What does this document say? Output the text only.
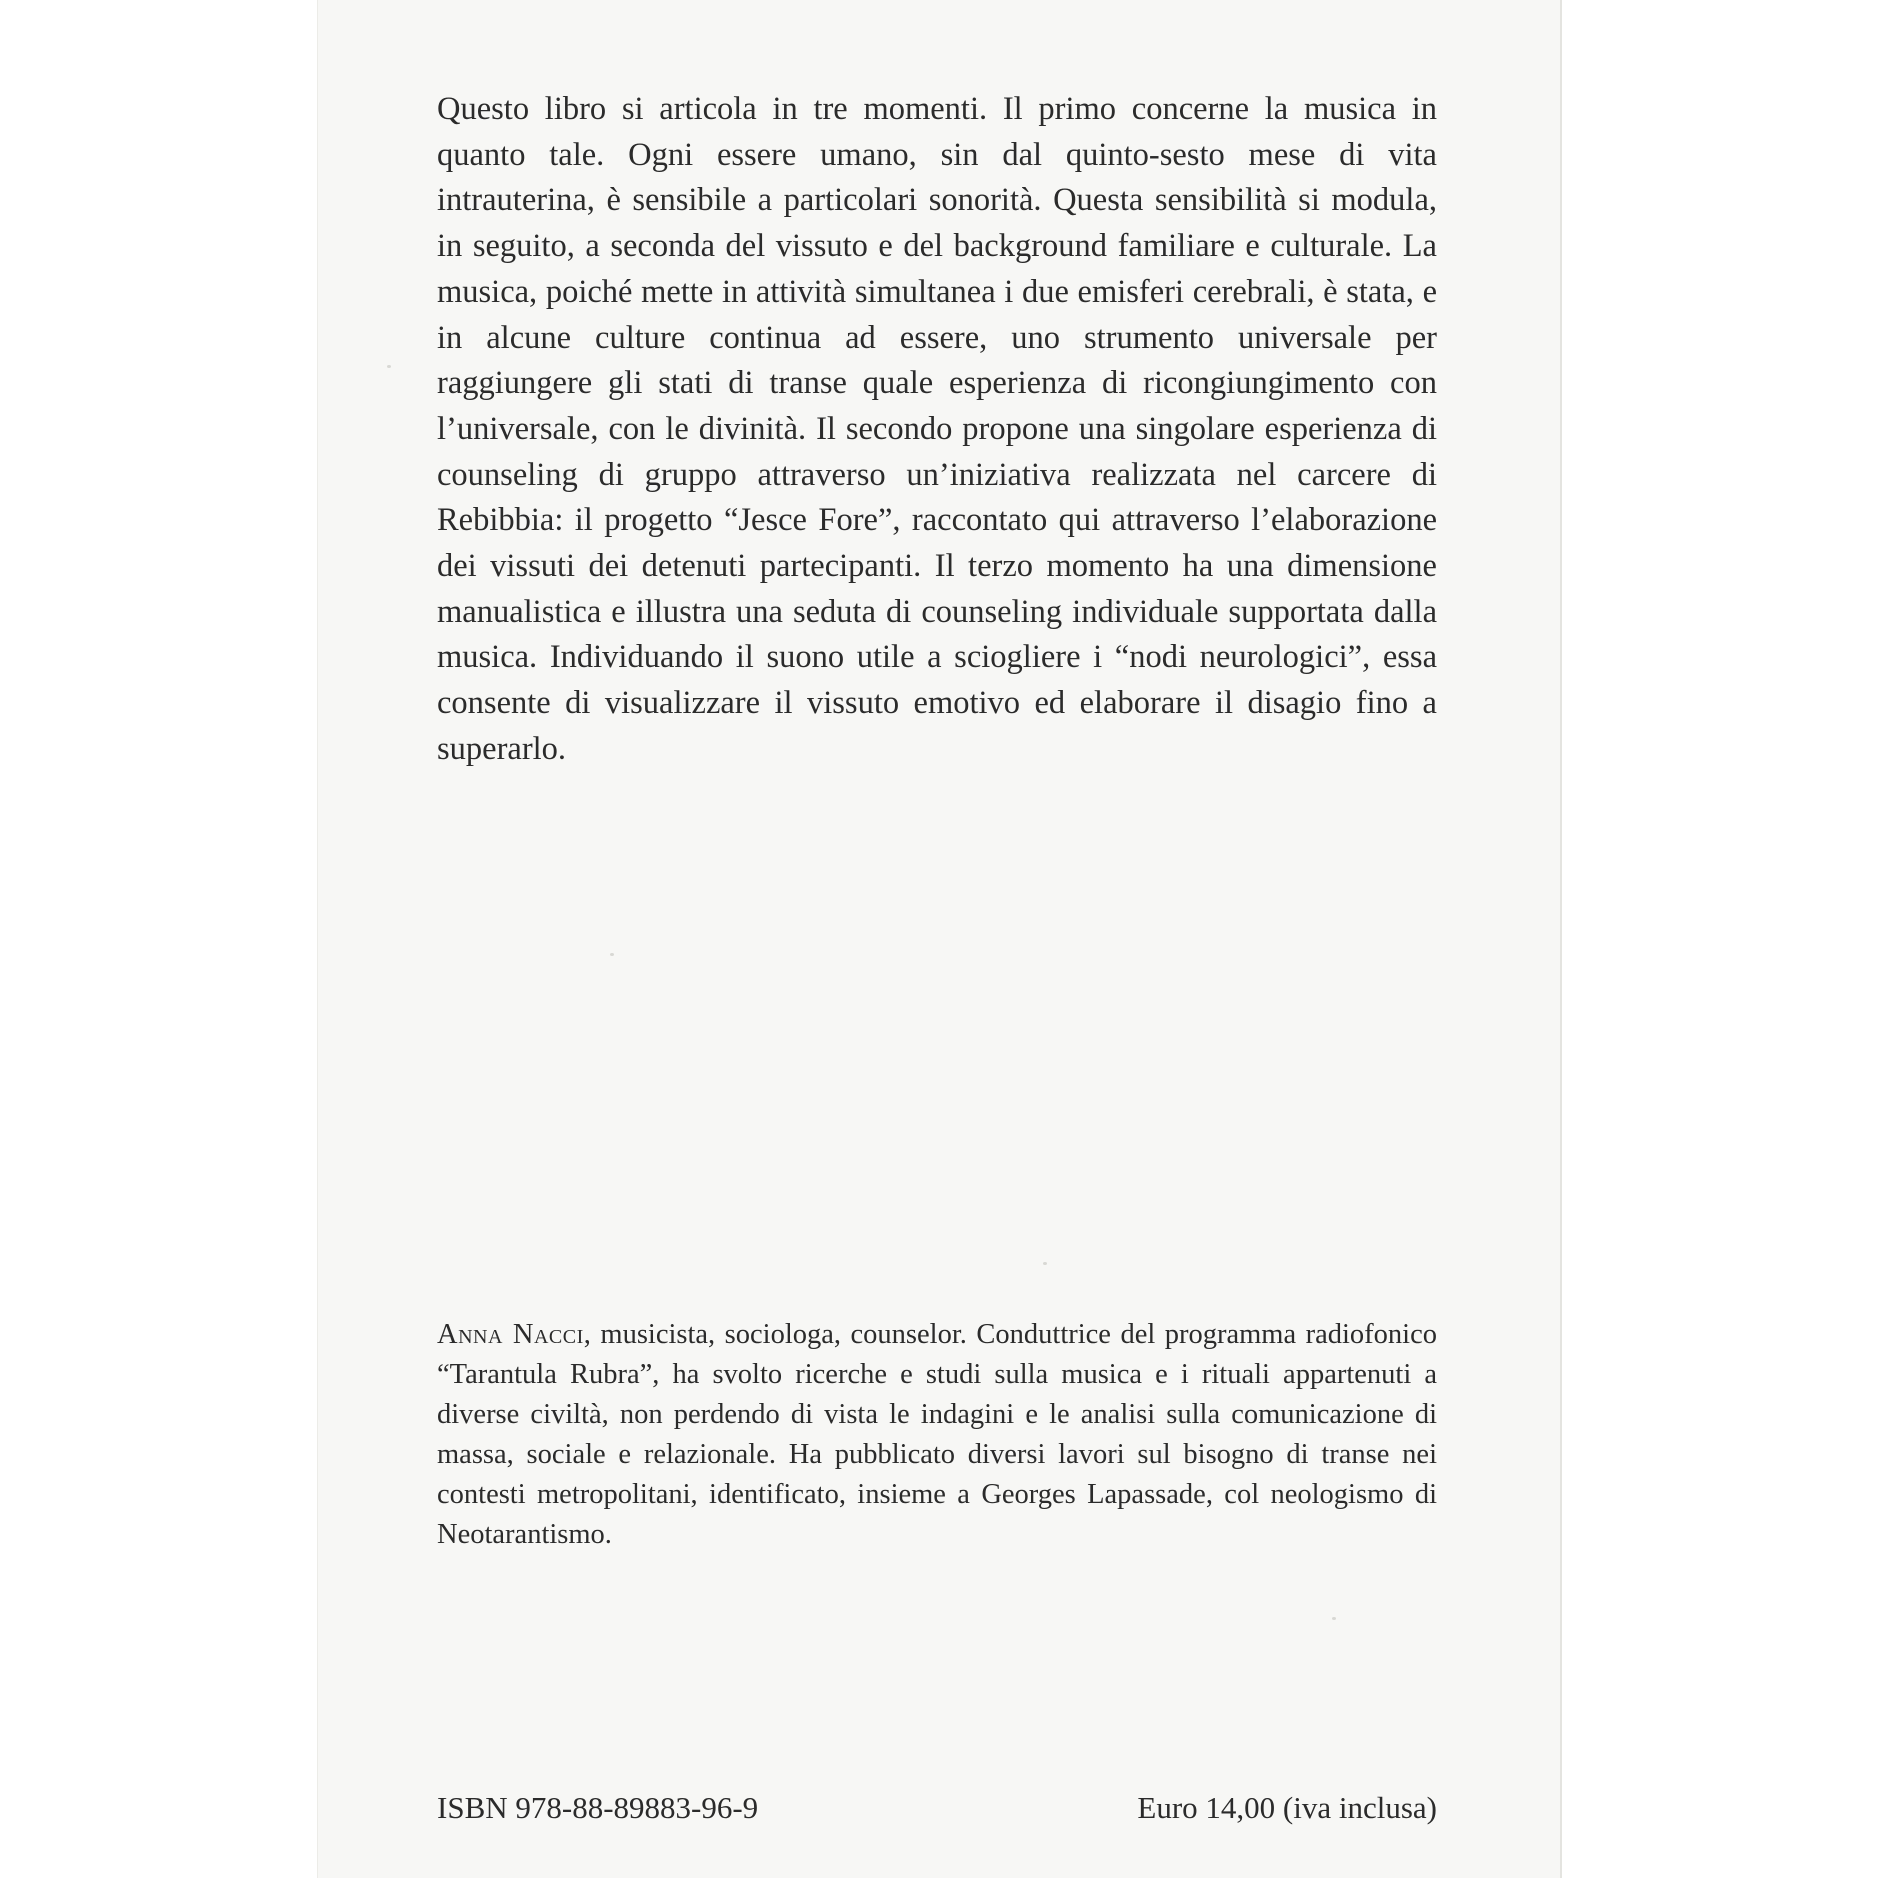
Questo libro si articola in tre momenti. Il primo concerne la musica in quanto tale. Ogni essere umano, sin dal quinto-sesto mese di vita intrauterina, è sensibile a particolari sonorità. Questa sensibilità si modula, in seguito, a seconda del vissuto e del background familiare e culturale. La musica, poiché mette in attività simultanea i due emisferi cerebrali, è stata, e in alcune culture continua ad essere, uno strumento universale per raggiungere gli stati di transe quale esperienza di ricongiungimento con l’universale, con le divinità. Il secondo propone una singolare esperienza di counseling di gruppo attraverso un’iniziativa realizzata nel carcere di Rebibbia: il progetto “Jesce Fore”, raccontato qui attraverso l’elaborazione dei vissuti dei detenuti partecipanti. Il terzo momento ha una dimensione manualistica e illustra una seduta di counseling individuale supportata dalla musica. Individuando il suono utile a sciogliere i “nodi neurologici”, essa consente di visualizzare il vissuto emotivo ed elaborare il disagio fino a superarlo.

Anna Nacci, musicista, sociologa, counselor. Conduttrice del programma radiofonico “Tarantula Rubra”, ha svolto ricerche e studi sulla musica e i rituali appartenuti a diverse civiltà, non perdendo di vista le indagini e le analisi sulla comunicazione di massa, sociale e relazionale. Ha pubblicato diversi lavori sul bisogno di transe nei contesti metropolitani, identificato, insieme a Georges Lapassade, col neologismo di Neotarantismo.

ISBN 978-88-89883-96-9	Euro 14,00 (iva inclusa)
